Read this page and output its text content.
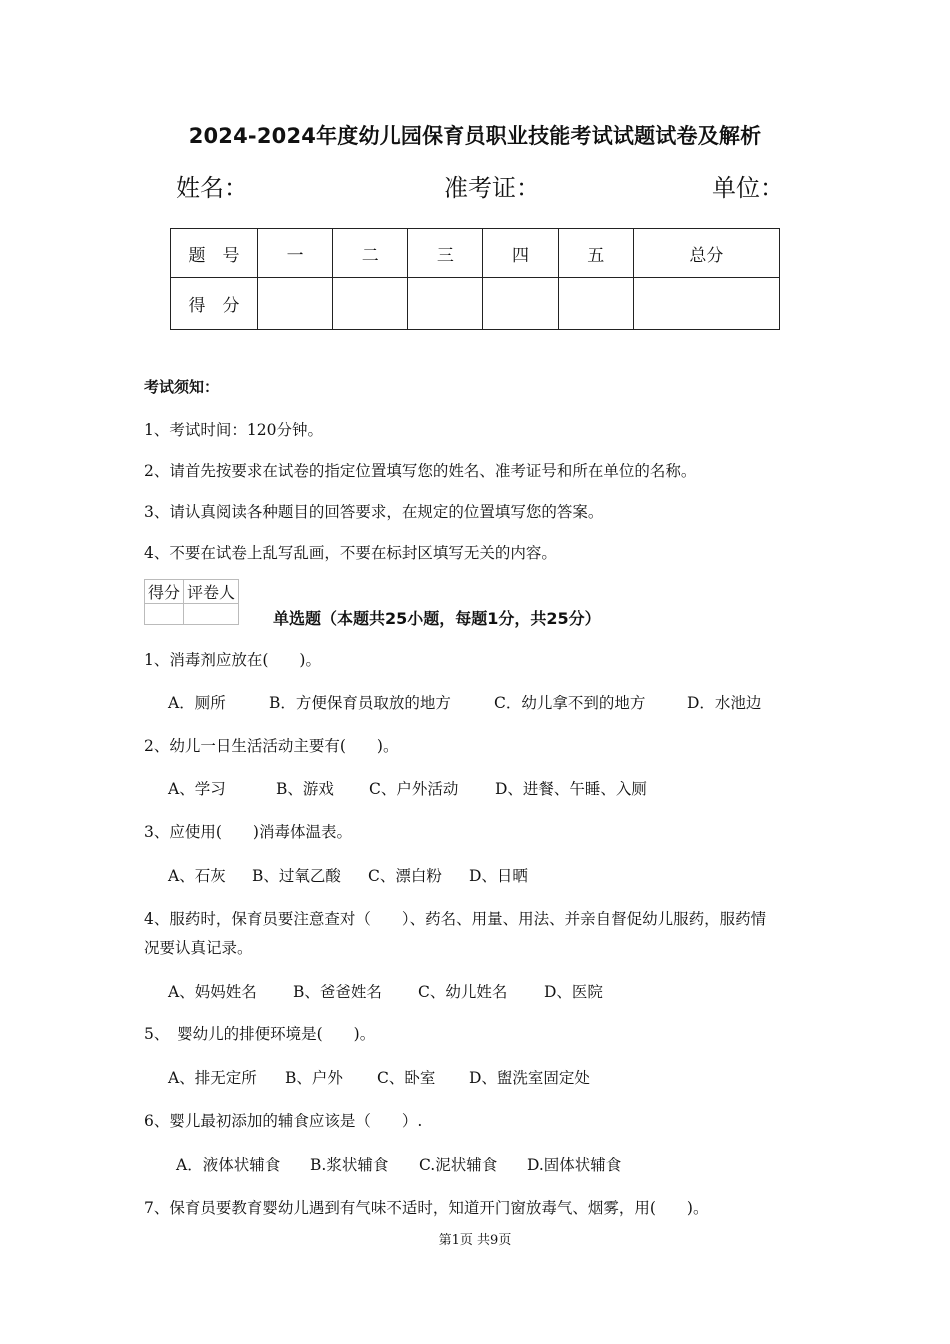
2024-2024年度幼儿园保育员职业技能考试试题试卷及解析
姓名：	准考证：	单位：
题　号	一	二	三	四	五	总分
得　分						
考试须知：
1、考试时间：120分钟。
2、请首先按要求在试卷的指定位置填写您的姓名、准考证号和所在单位的名称。
3、请认真阅读各种题目的回答要求，在规定的位置填写您的答案。
4、不要在试卷上乱写乱画，不要在标封区填写无关的内容。
得分	评卷人

单选题（本题共25小题，每题1分，共25分）
1、消毒剂应放在(　　)。
A．厕所	B．方便保育员取放的地方	C．幼儿拿不到的地方	D．水池边
2、幼儿一日生活活动主要有(　　)。
A、学习	B、游戏 C、户外活动 D、进餐、午睡、入厕
3、应使用(　　)消毒体温表。
A、石灰 B、过氧乙酸 C、漂白粉 D、日晒
4、服药时，保育员要注意查对（　　）、药名、用量、用法、并亲自督促幼儿服药，服药情
况要认真记录。
A、妈妈姓名 B、爸爸姓名 C、幼儿姓名 D、医院
5、　婴幼儿的排便环境是(　　)。
A、排无定所 B、户外 C、卧室 D、盥洗室固定处
6、婴儿最初添加的辅食应该是（　　）.
A．液体状辅食 B.浆状辅食 C.泥状辅食 D.固体状辅食
7、保育员要教育婴幼儿遇到有气味不适时，知道开门窗放毒气、烟雾，用(　　)。
第1页 共9页
